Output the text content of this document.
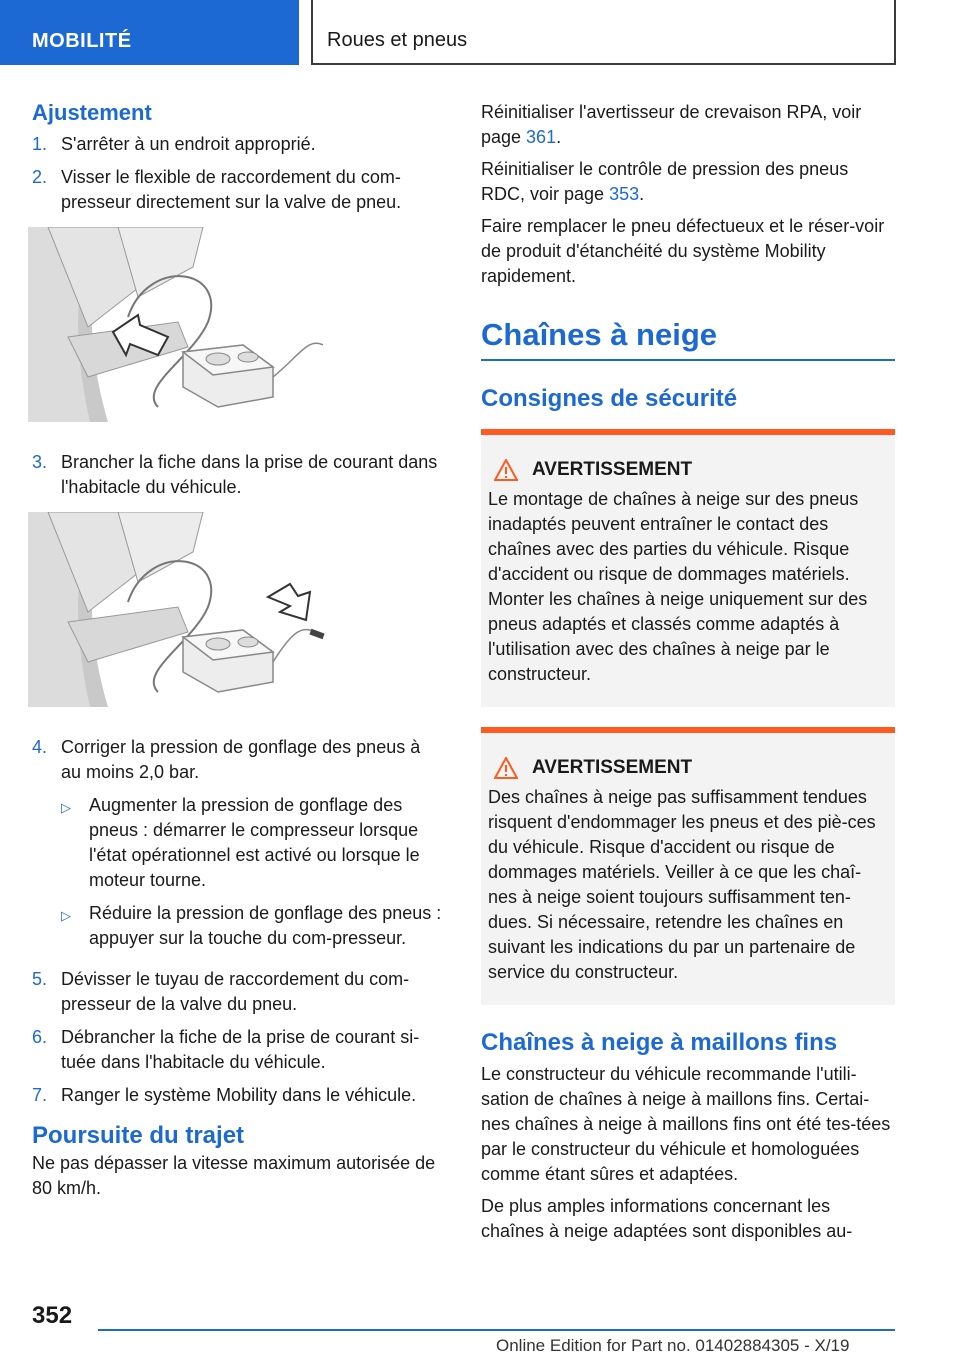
MOBILITÉ	Roues et pneus
Ajustement
1. S'arrêter à un endroit approprié.
2. Visser le flexible de raccordement du com-presseur directement sur la valve de pneu.
3. Brancher la fiche dans la prise de courant dans l'habitacle du véhicule.
4. Corriger la pression de gonflage des pneus à au moins 2,0 bar.
▷	Augmenter la pression de gonflage des pneus : démarrer le compresseur lorsque l'état opérationnel est activé ou lorsque le moteur tourne.
▷	Réduire la pression de gonflage des pneus : appuyer sur la touche du com-presseur.
5. Dévisser le tuyau de raccordement du com-presseur de la valve du pneu.
6. Débrancher la fiche de la prise de courant si-tuée dans l'habitacle du véhicule.
7. Ranger le système Mobility dans le véhicule.
Poursuite du trajet

Ne pas dépasser la vitesse maximum autorisée de 80 km/h.

Réinitialiser l'avertisseur de crevaison RPA, voir page 361.

Réinitialiser le contrôle de pression des pneus RDC, voir page 353.

Faire remplacer le pneu défectueux et le réser-voir de produit d'étanchéité du système Mobility rapidement.

Chaînes à neige
Consignes de sécurité
AVERTISSEMENT

Le montage de chaînes à neige sur des pneus inadaptés peuvent entraîner le contact des chaînes avec des parties du véhicule. Risque d'accident ou risque de dommages matériels. Monter les chaînes à neige uniquement sur des pneus adaptés et classés comme adaptés à l'utilisation avec des chaînes à neige par le constructeur.

AVERTISSEMENT

Des chaînes à neige pas suffisamment tendues risquent d'endommager les pneus et des piè-ces du véhicule. Risque d'accident ou risque de dommages matériels. Veiller à ce que les chaî-nes à neige soient toujours suffisamment ten-dues. Si nécessaire, retendre les chaînes en suivant les indications du par un partenaire de service du constructeur.

Chaînes à neige à maillons fins

Le constructeur du véhicule recommande l'utili-sation de chaînes à neige à maillons fins. Certai-nes chaînes à neige à maillons fins ont été tes-tées par le constructeur du véhicule et homologuées comme étant sûres et adaptées.

De plus amples informations concernant les chaînes à neige adaptées sont disponibles au-

352
Online Edition for Part no. 01402884305 - X/19
